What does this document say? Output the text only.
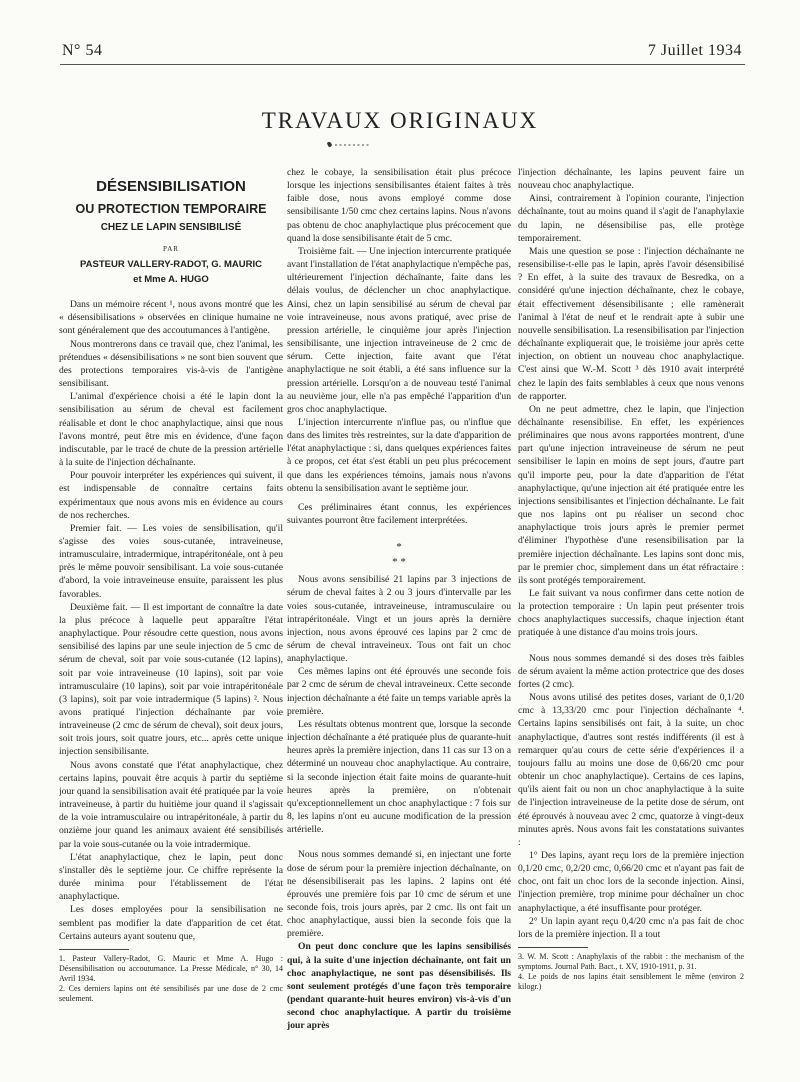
N° 54	7 Juillet 1934
TRAVAUX ORIGINAUX
DÉSENSIBILISATION
OU PROTECTION TEMPORAIRE
CHEZ LE LAPIN SENSIBILISÉ
PAR
PASTEUR VALLERY-RADOT, G. MAURIC
et Mme A. HUGO

Dans un mémoire récent ¹, nous avons montré que les « désensibilisations » observées en clinique humaine ne sont généralement que des accoutumances à l'antigène.

Nous montrerons dans ce travail que, chez l'animal, les prétendues « désensibilisations » ne sont bien souvent que des protections temporaires vis-à-vis de l'antigène sensibilisant.

L'animal d'expérience choisi a été le lapin dont la sensibilisation au sérum de cheval est facilement réalisable et dont le choc anaphylactique, ainsi que nous l'avons montré, peut être mis en évidence, d'une façon indiscutable, par le tracé de chute de la pression artérielle à la suite de l'injection déchaînante.

Pour pouvoir interpréter les expériences qui suivent, il est indispensable de connaître certains faits expérimentaux que nous avons mis en évidence au cours de nos recherches.

Premier fait. — Les voies de sensibilisation, qu'il s'agisse des voies sous-cutanée, intraveineuse, intramusculaire, intradermique, intrapéritonéale, ont à peu près le même pouvoir sensibilisant. La voie sous-cutanée d'abord, la voie intraveineuse ensuite, paraissent les plus favorables.

Deuxième fait. — Il est important de connaître la date la plus précoce à laquelle peut apparaître l'état anaphylactique. Pour résoudre cette question, nous avons sensibilisé des lapins par une seule injection de 5 cmc de sérum de cheval, soit par voie sous-cutanée (12 lapins), soit par voie intraveineuse (10 lapins), soit par voie intramusculaire (10 lapins), soit par voie intrapéritonéale (3 lapins), soit par voie intradermique (5 lapins) ². Nous avons pratiqué l'injection déchaînante par voie intraveineuse (2 cmc de sérum de cheval), soit deux jours, soit trois jours, soit quatre jours, etc... après cette unique injection sensibilisante.

Nous avons constaté que l'état anaphylactique, chez certains lapins, pouvait être acquis à partir du septième jour quand la sensibilisation avait été pratiquée par la voie intraveineuse, à partir du huitième jour quand il s'agissait de la voie intramusculaire ou intrapéritonéale, à partir du onzième jour quand les animaux avaient été sensibilisés par la voie sous-cutanée ou la voie intradermique.

L'état anaphylactique, chez le lapin, peut donc s'installer dès le septième jour. Ce chiffre représente la durée minima pour l'établissement de l'état anaphylactique.

Les doses employées pour la sensibilisation ne semblent pas modifier la date d'apparition de cet état. Certains auteurs ayant soutenu que,

1. Pasteur Vallery-Radot, G. Mauric et Mme A. Hugo : Désensibilisation ou accoutumance. La Presse Médicale, n° 30, 14 Avril 1934.

2. Ces derniers lapins ont été sensibilisés par une dose de 2 cmc seulement.

chez le cobaye, la sensibilisation était plus précoce lorsque les injections sensibilisantes étaient faites à très faible dose, nous avons employé comme dose sensibilisante 1/50 cmc chez certains lapins. Nous n'avons pas obtenu de choc anaphylactique plus précocement que quand la dose sensibilisante était de 5 cmc.

Troisième fait. — Une injection intercurrente pratiquée avant l'installation de l'état anaphylactique n'empêche pas, ultérieurement l'injection déchaînante, faite dans les délais voulus, de déclencher un choc anaphylactique. Ainsi, chez un lapin sensibilisé au sérum de cheval par voie intraveineuse, nous avons pratiqué, avec prise de pression artérielle, le cinquième jour après l'injection sensibilisante, une injection intraveineuse de 2 cmc de sérum. Cette injection, faite avant que l'état anaphylactique ne soit établi, a été sans influence sur la pression artérielle. Lorsqu'on a de nouveau testé l'animal au neuvième jour, elle n'a pas empêché l'apparition d'un gros choc anaphylactique.

L'injection intercurrente n'influe pas, ou n'influe que dans des limites très restreintes, sur la date d'apparition de l'état anaphylactique : si, dans quelques expériences faites à ce propos, cet état s'est établi un peu plus précocement que dans les expériences témoins, jamais nous n'avons obtenu la sensibilisation avant le septième jour.

Ces préliminaires étant connus, les expériences suivantes pourront être facilement interprétées.

*
* *

Nous avons sensibilisé 21 lapins par 3 injections de sérum de cheval faites à 2 ou 3 jours d'intervalle par les voies sous-cutanée, intraveineuse, intramusculaire ou intrapéritonéale. Vingt et un jours après la dernière injection, nous avons éprouvé ces lapins par 2 cmc de sérum de cheval intraveineux. Tous ont fait un choc anaphylactique.

Ces mêmes lapins ont été éprouvés une seconde fois par 2 cmc de sérum de cheval intraveineux. Cette seconde injection déchaînante a été faite un temps variable après la première.

Les résultats obtenus montrent que, lorsque la seconde injection déchaînante a été pratiquée plus de quarante-huit heures après la première injection, dans 11 cas sur 13 on a déterminé un nouveau choc anaphylactique. Au contraire, si la seconde injection était faite moins de quarante-huit heures après la première, on n'obtenait qu'exceptionnellement un choc anaphylactique : 7 fois sur 8, les lapins n'ont eu aucune modification de la pression artérielle.

Nous nous sommes demandé si, en injectant une forte dose de sérum pour la première injection déchaînante, on ne désensibiliserait pas les lapins. 2 lapins ont été éprouvés une première fois par 10 cmc de sérum et une seconde fois, trois jours après, par 2 cmc. Ils ont fait un choc anaphylactique, aussi bien la seconde fois que la première.

On peut donc conclure que les lapins sensibilisés qui, à la suite d'une injection déchaînante, ont fait un choc anaphylactique, ne sont pas désensibilisés. Ils sont seulement protégés d'une façon très temporaire (pendant quarante-huit heures environ) vis-à-vis d'un second choc anaphylactique. A partir du troisième jour après

l'injection déchaînante, les lapins peuvent faire un nouveau choc anaphylactique.

Ainsi, contrairement à l'opinion courante, l'injection déchaînante, tout au moins quand il s'agit de l'anaphylaxie du lapin, ne désensibilise pas, elle protège temporairement.

Mais une question se pose : l'injection déchaînante ne resensibilise-t-elle pas le lapin, après l'avoir désensibilisé ? En effet, à la suite des travaux de Besredka, on a considéré qu'une injection déchaînante, chez le cobaye, était effectivement désensibilisante ; elle ramènerait l'animal à l'état de neuf et le rendrait apte à subir une nouvelle sensibilisation. La resensibilisation par l'injection déchaînante expliquerait que, le troisième jour après cette injection, on obtient un nouveau choc anaphylactique. C'est ainsi que W.-M. Scott ³ dès 1910 avait interprété chez le lapin des faits semblables à ceux que nous venons de rapporter.

On ne peut admettre, chez le lapin, que l'injection déchaînante resensibilise. En effet, les expériences préliminaires que nous avons rapportées montrent, d'une part qu'une injection intraveineuse de sérum ne peut sensibiliser le lapin en moins de sept jours, d'autre part qu'il importe peu, pour la date d'apparition de l'état anaphylactique, qu'une injection ait été pratiquée entre les injections sensibilisantes et l'injection déchaînante. Le fait que nos lapins ont pu réaliser un second choc anaphylactique trois jours après le premier permet d'éliminer l'hypothèse d'une resensibilisation par la première injection déchaînante. Les lapins sont donc mis, par le premier choc, simplement dans un état réfractaire : ils sont protégés temporairement.

Le fait suivant va nous confirmer dans cette notion de la protection temporaire : Un lapin peut présenter trois chocs anaphylactiques successifs, chaque injection étant pratiquée à une distance d'au moins trois jours.

Nous nous sommes demandé si des doses très faibles de sérum avaient la même action protectrice que des doses fortes (2 cmc).

Nous avons utilisé des petites doses, variant de 0,1/20 cmc à 13,33/20 cmc pour l'injection déchaînante ⁴. Certains lapins sensibilisés ont fait, à la suite, un choc anaphylactique, d'autres sont restés indifférents (il est à remarquer qu'au cours de cette série d'expériences il a toujours fallu au moins une dose de 0,66/20 cmc pour obtenir un choc anaphylactique). Certains de ces lapins, qu'ils aient fait ou non un choc anaphylactique à la suite de l'injection intraveineuse de la petite dose de sérum, ont été éprouvés à nouveau avec 2 cmc, quatorze à vingt-deux minutes après. Nous avons fait les constatations suivantes :

1° Des lapins, ayant reçu lors de la première injection 0,1/20 cmc, 0,2/20 cmc, 0,66/20 cmc et n'ayant pas fait de choc, ont fait un choc lors de la seconde injection. Ainsi, l'injection première, trop minime pour déchaîner un choc anaphylactique, a été insuffisante pour protéger.

2° Un lapin ayant reçu 0,4/20 cmc n'a pas fait de choc lors de la première injection. Il a tout

3. W. M. Scott : Anaphylaxis of the rabbit : the mechanism of the symptoms. Journal Path. Bact., t. XV, 1910-1911, p. 31.

4. Le poids de nos lapins était sensiblement le même (environ 2 kilogr.)
